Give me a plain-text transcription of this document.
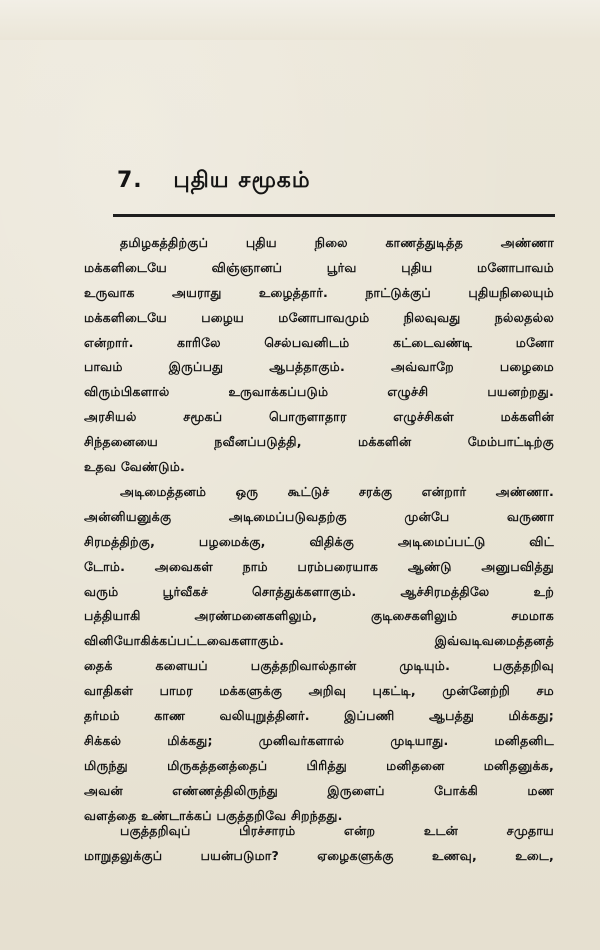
7. புதிய சமூகம்
தமிழகத்திற்குப் புதிய நிலை காணத்துடித்த அண்ணா
மக்களிடையே விஞ்ஞானப் பூர்வ புதிய மனோபாவம்
உருவாக அயராது உழைத்தார். நாட்டுக்குப் புதியநிலையும்
மக்களிடையே பழைய மனோபாவமும் நிலவுவது நல்லதல்ல
என்றார். காரிலே செல்பவனிடம் கட்டைவண்டி மனோ
பாவம் இருப்பது ஆபத்தாகும். அவ்வாறே பழைமை
விரும்பிகளால் உருவாக்கப்படும் எழுச்சி பயனற்றது.
அரசியல் சமூகப் பொருளாதார எழுச்சிகள் மக்களின்
சிந்தனையை நவீனப்படுத்தி, மக்களின் மேம்பாட்டிற்கு
உதவ வேண்டும்.
அடிமைத்தனம் ஒரு கூட்டுச் சரக்கு என்றார் அண்ணா.
அன்னியனுக்கு அடிமைப்படுவதற்கு முன்பே வருணா
சிரமத்திற்கு, பழமைக்கு, விதிக்கு அடிமைப்பட்டு விட்
டோம். அவைகள் நாம் பரம்பரையாக ஆண்டு அனுபவித்து
வரும் பூர்வீகச் சொத்துக்களாகும். ஆச்சிரமத்திலே உற்
பத்தியாகி அரண்மனைகளிலும், குடிசைகளிலும் சமமாக
வினியோகிக்கப்பட்டவைகளாகும். இவ்வடிவமைத்தனத்
தைக் களையப் பகுத்தறிவால்தான் முடியும். பகுத்தறிவு
வாதிகள் பாமர மக்களுக்கு அறிவு புகட்டி, முன்னேற்றி சம
தர்மம் காண வலியுறுத்தினர். இப்பணி ஆபத்து மிக்கது;
சிக்கல் மிக்கது; முனிவர்களால் முடியாது. மனிதனிட
மிருந்து மிருகத்தனத்தைப் பிரித்து மனிதனை மனிதனுக்க,
அவன் எண்ணத்திலிருந்து இருளைப் போக்கி மண
வளத்தை உண்டாக்கப் பகுத்தறிவே சிறந்தது.
பகுத்தறிவுப் பிரச்சாரம் என்ற உடன் சமுதாய
மாறுதலுக்குப் பயன்படுமா? ஏழைகளுக்கு உணவு, உடை,
